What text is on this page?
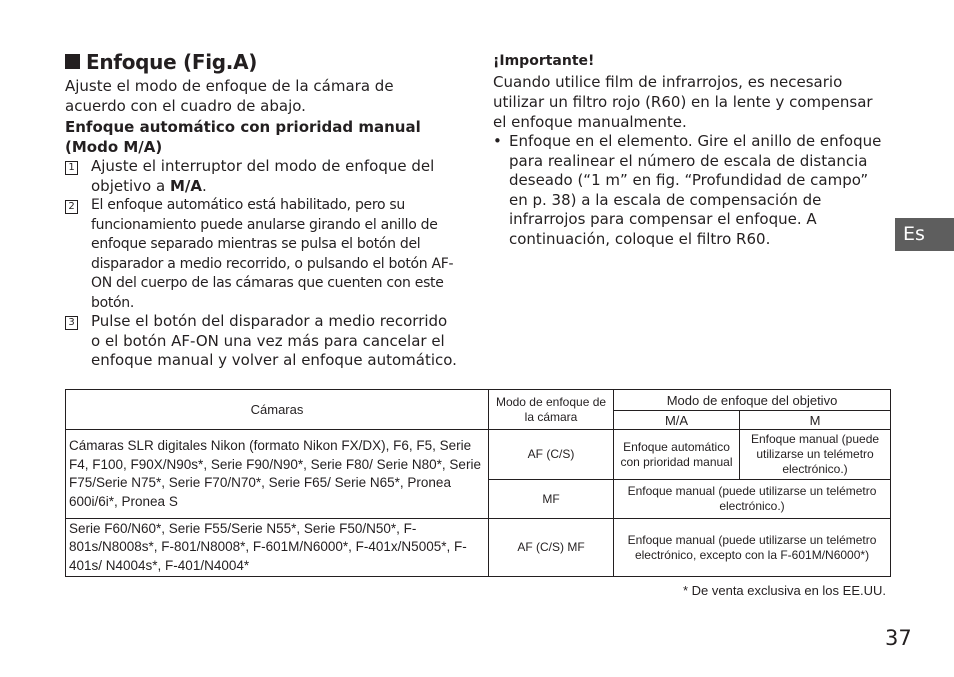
Enfoque (Fig.A)
Ajuste el modo de enfoque de la cámara de acuerdo con el cuadro de abajo.
Enfoque automático con prioridad manual (Modo M/A)
1 Ajuste el interruptor del modo de enfoque del objetivo a M/A.
2 El enfoque automático está habilitado, pero su funcionamiento puede anularse girando el anillo de enfoque separado mientras se pulsa el botón del disparador a medio recorrido, o pulsando el botón AF-ON del cuerpo de las cámaras que cuenten con este botón.
3 Pulse el botón del disparador a medio recorrido o el botón AF-ON una vez más para cancelar el enfoque manual y volver al enfoque automático.
¡Importante!
Cuando utilice film de infrarrojos, es necesario utilizar un filtro rojo (R60) en la lente y compensar el enfoque manualmente.
• Enfoque en el elemento. Gire el anillo de enfoque para realinear el número de escala de distancia deseado (“1 m” en fig. “Profundidad de campo” en p. 38) a la escala de compensación de infrarrojos para compensar el enfoque. A continuación, coloque el filtro R60.	Es
Cámaras	Modo de enfoque de la cámara	Modo de enfoque del objetivo	
		M/A	M
Cámaras SLR digitales Nikon (formato Nikon FX/DX), F6, F5, Serie F4, F100, F90X/N90s*, Serie F90/N90*, Serie F80/ Serie N80*, Serie F75/Serie N75*, Serie F70/N70*, Serie F65/ Serie N65*, Pronea 600i/6i*, Pronea S	AF (C/S)	Enfoque automático con prioridad manual	Enfoque manual (puede utilizarse un telémetro electrónico.)
	MF	Enfoque manual (puede utilizarse un telémetro electrónico.)	
Serie F60/N60*, Serie F55/Serie N55*, Serie F50/N50*, F-801s/N8008s*, F-801/N8008*, F-601M/N6000*, F-401x/N5005*, F-401s/ N4004s*, F-401/N4004*	AF (C/S) MF	Enfoque manual (puede utilizarse un telémetro electrónico, excepto con la F-601M/N6000*)	
* De venta exclusiva en los EE.UU.
37
